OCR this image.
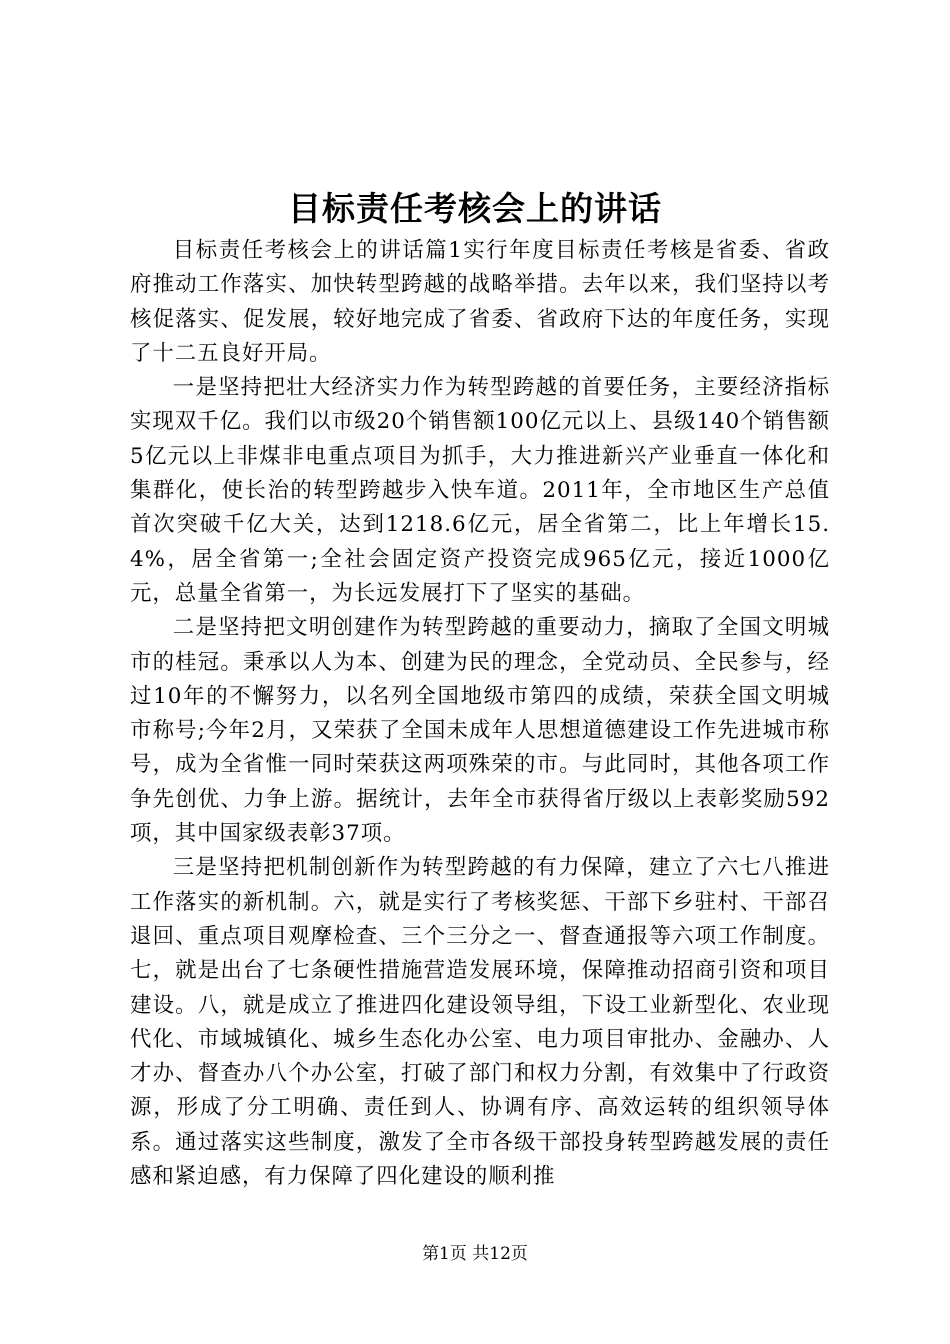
目标责任考核会上的讲话

目标责任考核会上的讲话篇1实行年度目标责任考核是省委、省政府推动工作落实、加快转型跨越的战略举措。去年以来，我们坚持以考核促落实、促发展，较好地完成了省委、省政府下达的年度任务，实现了十二五良好开局。

一是坚持把壮大经济实力作为转型跨越的首要任务，主要经济指标实现双千亿。我们以市级20个销售额100亿元以上、县级140个销售额5亿元以上非煤非电重点项目为抓手，大力推进新兴产业垂直一体化和集群化，使长治的转型跨越步入快车道。2011年，全市地区生产总值首次突破千亿大关，达到1218.6亿元，居全省第二，比上年增长15.4%，居全省第一;全社会固定资产投资完成965亿元，接近1000亿元，总量全省第一，为长远发展打下了坚实的基础。

二是坚持把文明创建作为转型跨越的重要动力，摘取了全国文明城市的桂冠。秉承以人为本、创建为民的理念，全党动员、全民参与，经过10年的不懈努力，以名列全国地级市第四的成绩，荣获全国文明城市称号;今年2月，又荣获了全国未成年人思想道德建设工作先进城市称号，成为全省惟一同时荣获这两项殊荣的市。与此同时，其他各项工作争先创优、力争上游。据统计，去年全市获得省厅级以上表彰奖励592项，其中国家级表彰37项。

三是坚持把机制创新作为转型跨越的有力保障，建立了六七八推进工作落实的新机制。六，就是实行了考核奖惩、干部下乡驻村、干部召退回、重点项目观摩检查、三个三分之一、督查通报等六项工作制度。七，就是出台了七条硬性措施营造发展环境，保障推动招商引资和项目建设。八，就是成立了推进四化建设领导组，下设工业新型化、农业现代化、市域城镇化、城乡生态化办公室、电力项目审批办、金融办、人才办、督查办八个办公室，打破了部门和权力分割，有效集中了行政资源，形成了分工明确、责任到人、协调有序、高效运转的组织领导体系。通过落实这些制度，激发了全市各级干部投身转型跨越发展的责任感和紧迫感，有力保障了四化建设的顺利推

第1页 共12页
